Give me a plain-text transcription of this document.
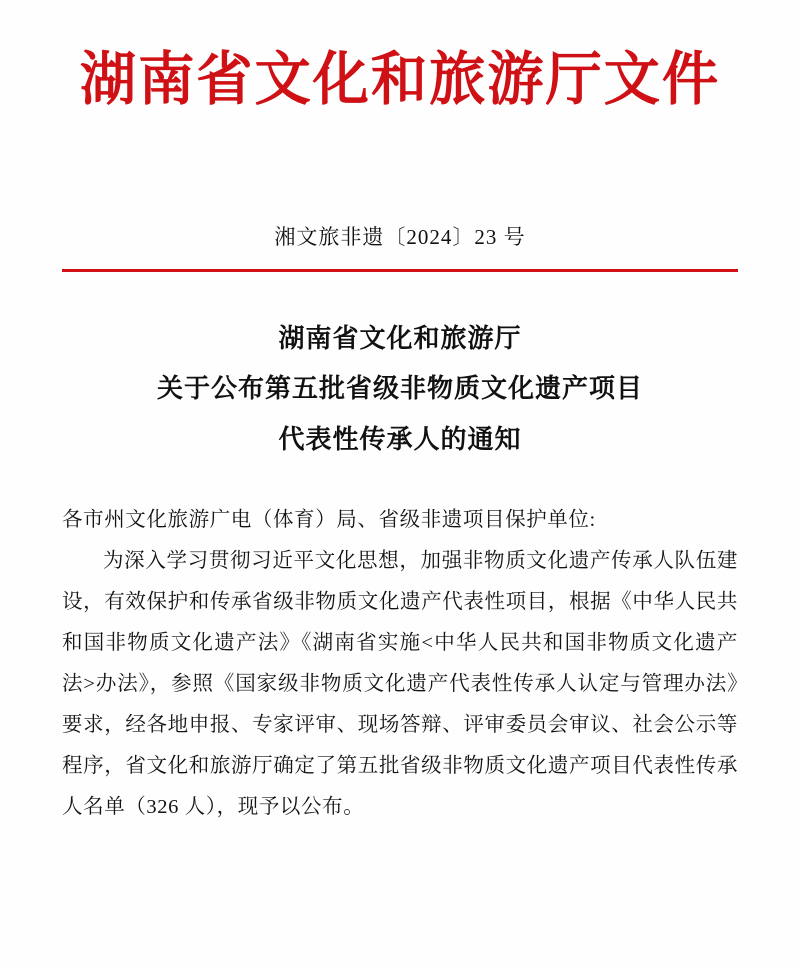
湖南省文化和旅游厅文件
湘文旅非遗〔2024〕23 号
湖南省文化和旅游厅
关于公布第五批省级非物质文化遗产项目
代表性传承人的通知

各市州文化旅游广电（体育）局、省级非遗项目保护单位:

为深入学习贯彻习近平文化思想，加强非物质文化遗产传承人队伍建设，有效保护和传承省级非物质文化遗产代表性项目，根据《中华人民共和国非物质文化遗产法》《湖南省实施<中华人民共和国非物质文化遗产法>办法》，参照《国家级非物质文化遗产代表性传承人认定与管理办法》要求，经各地申报、专家评审、现场答辩、评审委员会审议、社会公示等程序，省文化和旅游厅确定了第五批省级非物质文化遗产项目代表性传承人名单（326 人），现予以公布。
